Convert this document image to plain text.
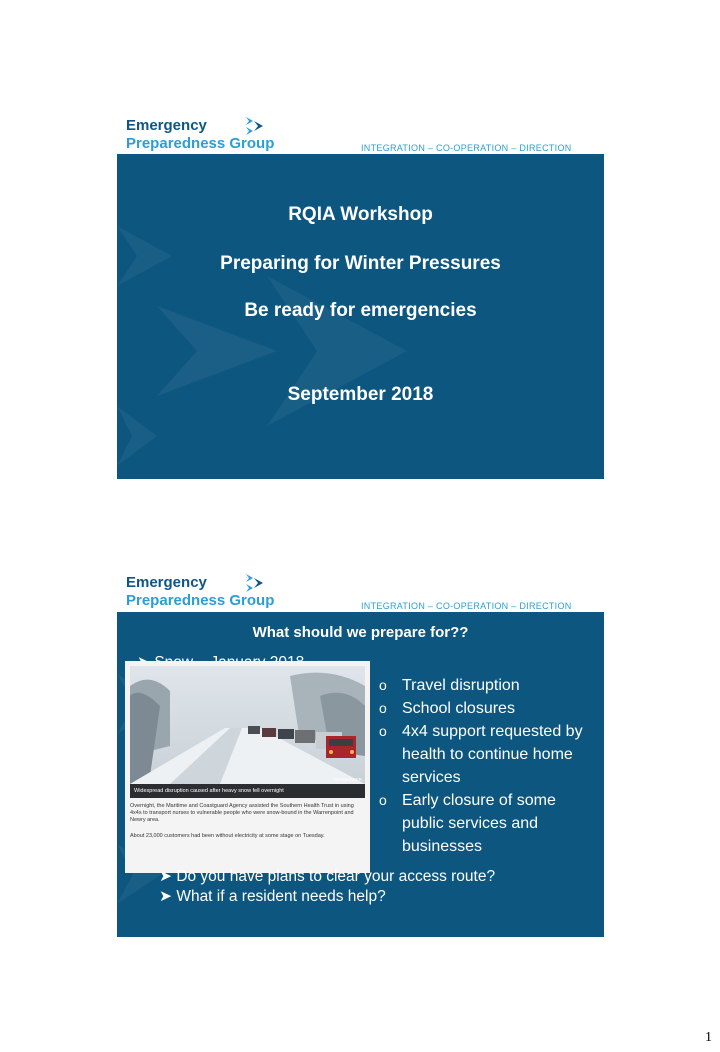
Emergency
Preparedness Group	INTEGRATION – CO-OPERATION – DIRECTION
RQIA Workshop
Preparing for Winter Pressures
Be ready for emergencies
September 2018
Emergency
Preparedness Group	INTEGRATION – CO-OPERATION – DIRECTION
What should we prepare for??
Widespread disruption caused after heavy snow fell overnight
PACEMAKER
Overnight, the Maritime and Coastguard Agency assisted the Southern Health Trust in using 4x4s to transport nurses to vulnerable people who were snow-bound in the Warrenpoint and Newry area.
About 23,000 customers had been without electricity at some stage on Tuesday.
o Travel disruption
o School closures
o 4x4 support requested by health to continue home services
o Early closure of some public services and businesses
➤ Do you have plans to clear your access route?
➤ What if a resident needs help?
1
